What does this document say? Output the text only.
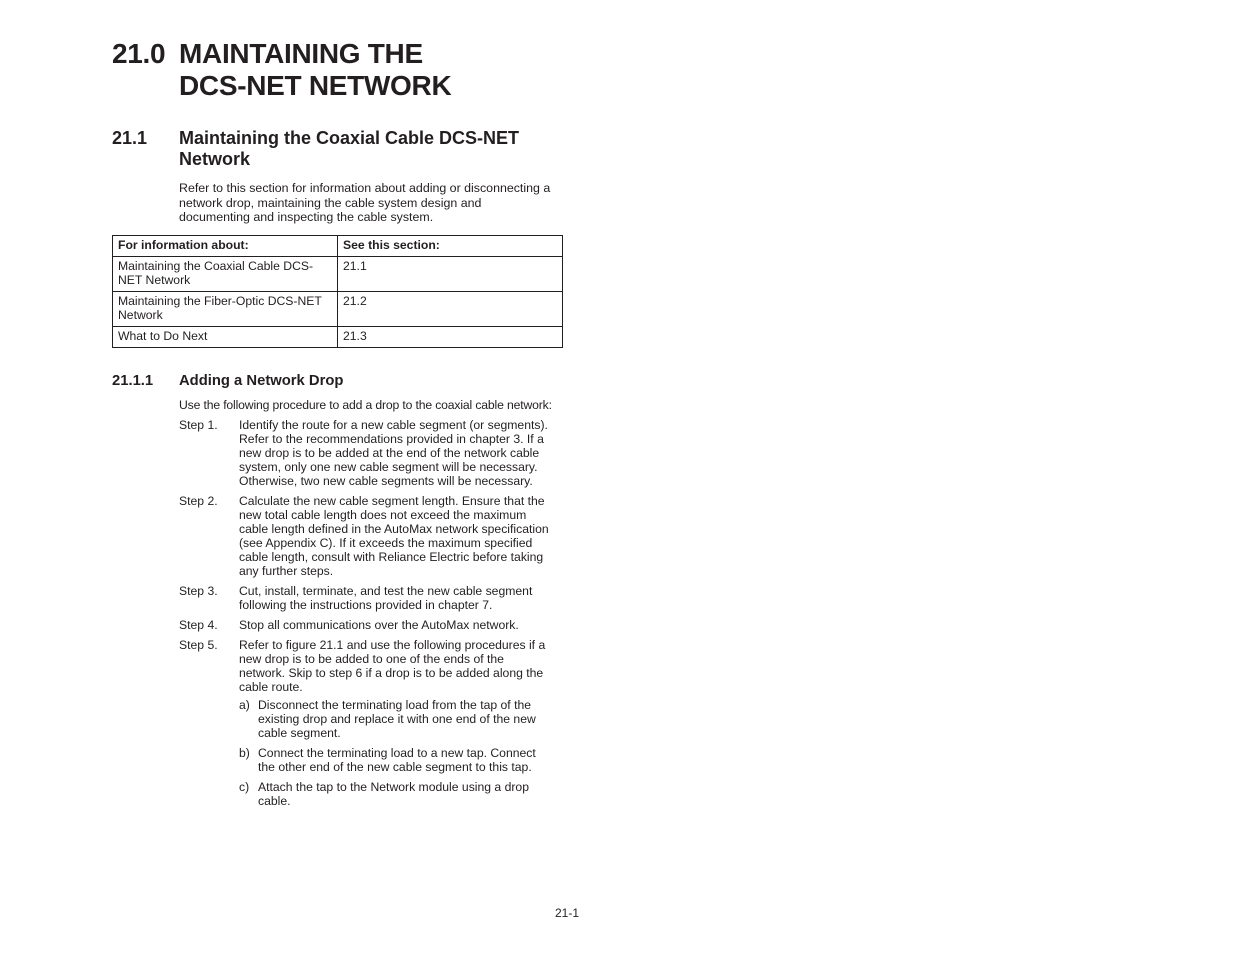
21.0 MAINTAINING THE
DCS-NET NETWORK
21.1	Maintaining the Coaxial Cable DCS-NET
Network
Refer to this section for information about adding or disconnecting a
network drop, maintaining the cable system design and
documenting and inspecting the cable system.
For information about:	See this section:
Maintaining the Coaxial Cable DCS-
NET Network	21.1
Maintaining the Fiber-Optic DCS-NET
Network	21.2
What to Do Next	21.3
21.1.1	Adding a Network Drop
Use the following procedure to add a drop to the coaxial cable network:
Step 1.	Identify the route for a new cable segment (or segments).
Refer to the recommendations provided in chapter 3. If a
new drop is to be added at the end of the network cable
system, only one new cable segment will be necessary.
Otherwise, two new cable segments will be necessary.
Step 2.	Calculate the new cable segment length. Ensure that the
new total cable length does not exceed the maximum
cable length defined in the AutoMax network specification
(see Appendix C). If it exceeds the maximum specified
cable length, consult with Reliance Electric before taking
any further steps.
Step 3.	Cut, install, terminate, and test the new cable segment
following the instructions provided in chapter 7.
Step 4.	Stop all communications over the AutoMax network.
Step 5.	Refer to figure 21.1 and use the following procedures if a
new drop is to be added to one of the ends of the
network. Skip to step 6 if a drop is to be added along the
cable route.
a) Disconnect the terminating load from the tap of the
existing drop and replace it with one end of the new
cable segment.
b) Connect the terminating load to a new tap. Connect
the other end of the new cable segment to this tap.
c) Attach the tap to the Network module using a drop
cable.
21-1
